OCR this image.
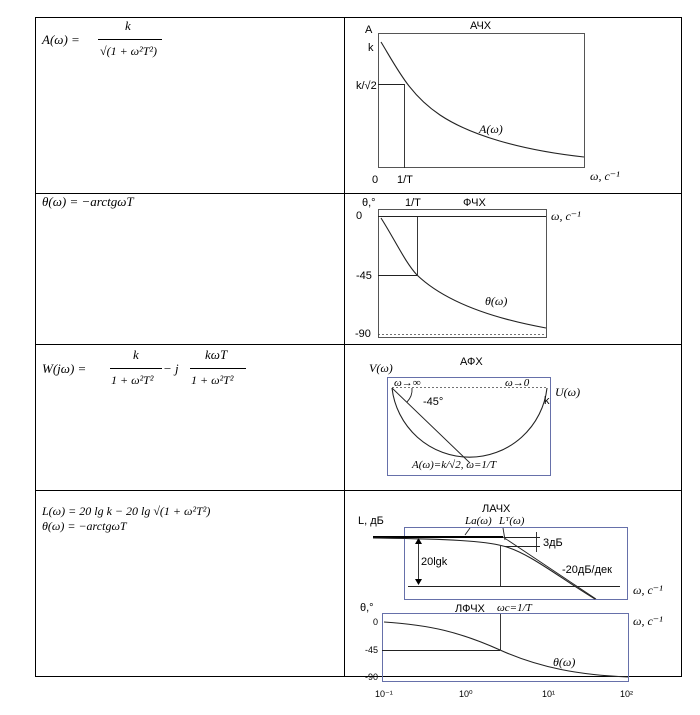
A(ω) =
k
√(1 + ω²T²)
АЧХ
A
k
k/√2
0 1/T
A(ω)
ω, c⁻¹
θ(ω) = −arctgωT	θ,°	1/T	ФЧХ
0
-45
-90
ω, c⁻¹
θ(ω)
W(jω) =
k
1 + ω²T²
− j
kωT
1 + ω²T²
АФХ
V(ω)
ω→∞	ω→0
-45°	k
U(ω)
A(ω)=k/√2, ω=1/T
L(ω) = 20 lg k − 20 lg √(1 + ω²T²)
θ(ω) = −arctgωT
ЛАЧХ
L, дБ	La(ω) Lᵀ(ω)
3дБ
20lgk
-20дБ/дек
ω, c⁻¹
θ,°	ЛФЧХ ωc=1/T
0
-45
-90
ω, c⁻¹
θ(ω)
10⁻¹	10⁰	10¹	10²
